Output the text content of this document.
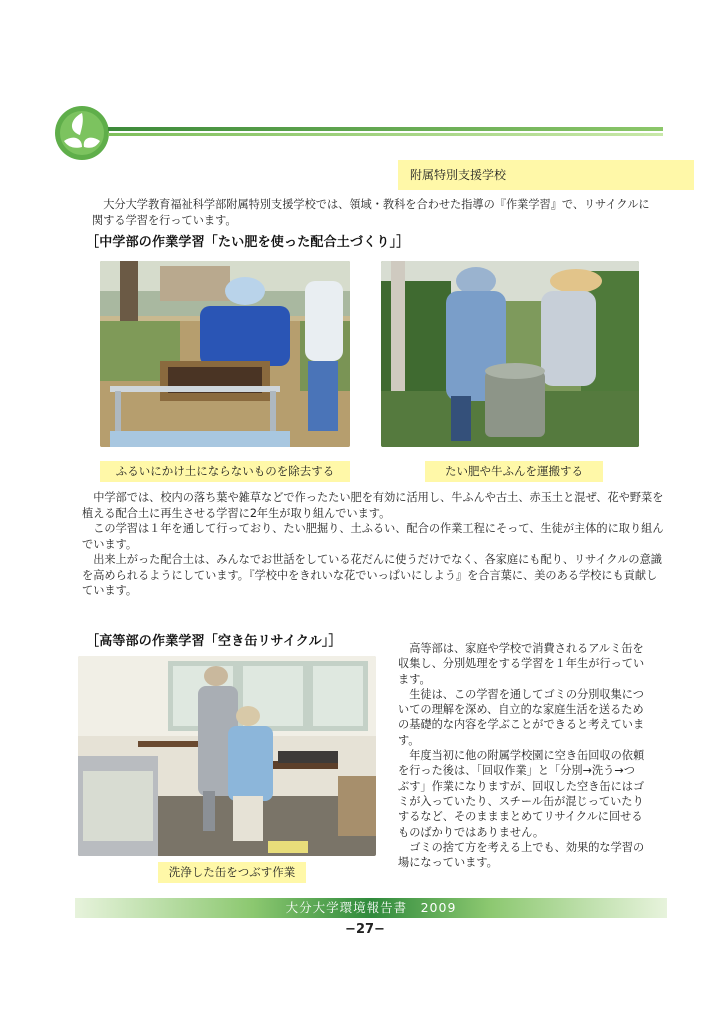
附属特別支援学校
　大分大学教育福祉科学部附属特別支援学校では、領域・教科を合わせた指導の『作業学習』で、リサイクルに関する学習を行っています。
［中学部の作業学習「たい肥を使った配合土づくり」］
ふるいにかけ土にならないものを除去する	たい肥や牛ふんを運搬する

　中学部では、校内の落ち葉や雑草などで作ったたい肥を有効に活用し、牛ふんや古土、赤玉土と混ぜ、花や野菜を植える配合土に再生させる学習に2年生が取り組んでいます。

　この学習は１年を通して行っており、たい肥掘り、土ふるい、配合の作業工程にそって、生徒が主体的に取り組んでいます。

　出来上がった配合土は、みんなでお世話をしている花だんに使うだけでなく、各家庭にも配り、リサイクルの意識を高められるようにしています。『学校中をきれいな花でいっぱいにしよう』を合言葉に、美のある学校にも貢献しています。

［高等部の作業学習「空き缶リサイクル」］
洗浄した缶をつぶす作業

　高等部は、家庭や学校で消費されるアルミ缶を収集し、分別処理をする学習を１年生が行っています。

　生徒は、この学習を通してゴミの分別収集についての理解を深め、自立的な家庭生活を送るための基礎的な内容を学ぶことができると考えています。

　年度当初に他の附属学校園に空き缶回収の依頼を行った後は、「回収作業」と「分別→洗う→つぶす」作業になりますが、回収した空き缶にはゴミが入っていたり、スチール缶が混じっていたりするなど、そのまままとめてリサイクルに回せるものばかりではありません。

　ゴミの捨て方を考える上でも、効果的な学習の場になっています。

大分大学環境報告書　2009
−27−
